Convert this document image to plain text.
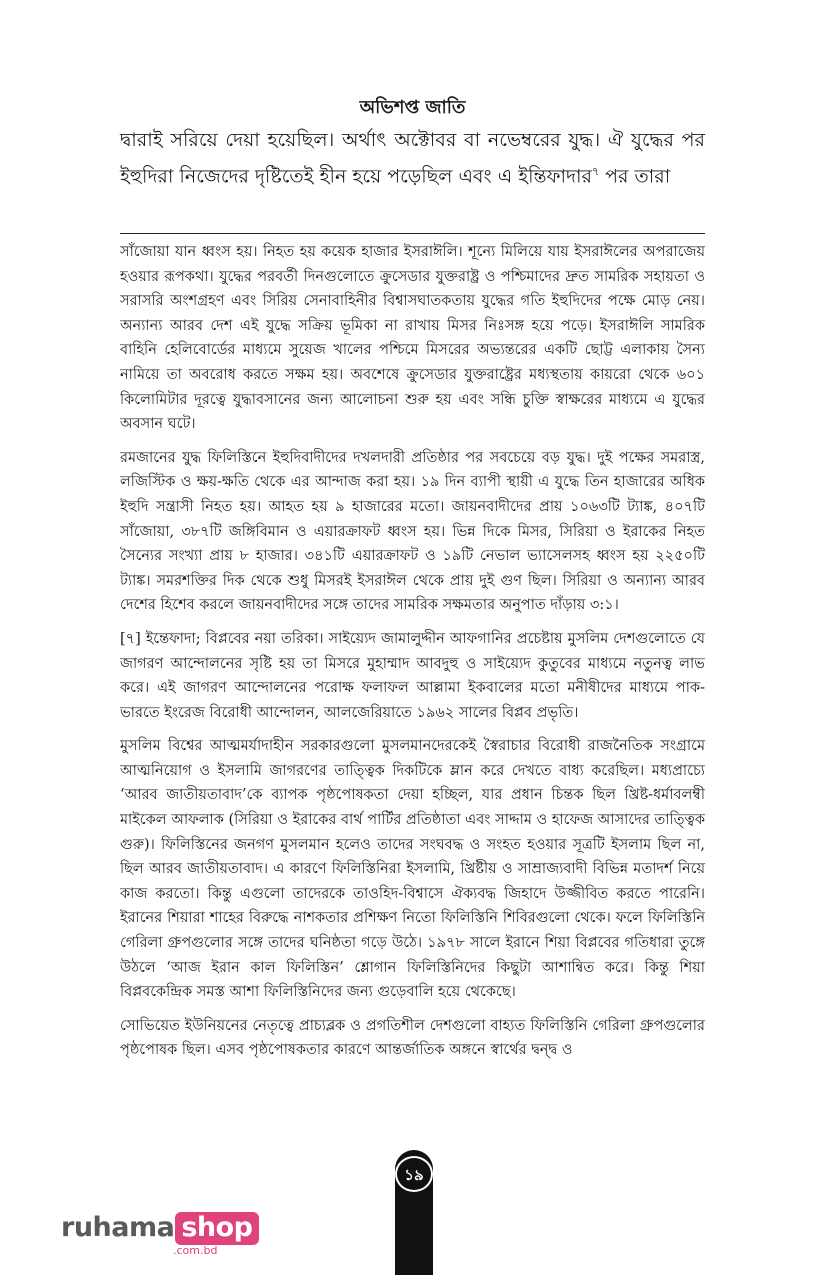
অভিশপ্ত জাতি
দ্বারাই সরিয়ে দেয়া হয়েছিল। অর্থাৎ অক্টোবর বা নভেম্বরের যুদ্ধ। ঐ যুদ্ধের পর ইহুদিরা নিজেদের দৃষ্টিতেই হীন হয়ে পড়েছিল এবং এ ইন্তিফাদার$^৭$ পর তারা

সাঁজোয়া যান ধ্বংস হয়। নিহত হয় কয়েক হাজার ইসরাঈলি। শূন্যে মিলিয়ে যায় ইসরাঈলের অপরাজেয় হওয়ার রূপকথা। যুদ্ধের পরবর্তী দিনগুলোতে ক্রুসেডার যুক্তরাষ্ট্র ও পশ্চিমাদের দ্রুত সামরিক সহায়তা ও সরাসরি অংশগ্রহণ এবং সিরিয় সেনাবাহিনীর বিশ্বাসঘাতকতায় যুদ্ধের গতি ইহুদিদের পক্ষে মোড় নেয়। অন্যান্য আরব দেশ এই যুদ্ধে সক্রিয় ভূমিকা না রাখায় মিসর নিঃসঙ্গ হয়ে পড়ে। ইসরাঈলি সামরিক বাহিনি হেলিবোর্ডের মাধ্যমে সুয়েজ খালের পশ্চিমে মিসরের অভ্যন্তরের একটি ছোট্ট এলাকায় সৈন্য নামিয়ে তা অবরোধ করতে সক্ষম হয়। অবশেষে ক্রুসেডার যুক্তরাষ্ট্রের মধ্যস্থতায় কায়রো থেকে ৬০১ কিলোমিটার দূরত্বে যুদ্ধাবসানের জন্য আলোচনা শুরু হয় এবং সন্ধি চুক্তি স্বাক্ষরের মাধ্যমে এ যুদ্ধের অবসান ঘটে।

রমজানের যুদ্ধ ফিলিস্তিনে ইহুদিবাদীদের দখলদারী প্রতিষ্ঠার পর সবচেয়ে বড় যুদ্ধ। দুই পক্ষের সমরাস্ত্র, লজিস্টিক ও ক্ষয়-ক্ষতি থেকে এর আন্দাজ করা হয়। ১৯ দিন ব্যাপী স্থায়ী এ যুদ্ধে তিন হাজারের অধিক ইহুদি সন্ত্রাসী নিহত হয়। আহত হয় ৯ হাজারের মতো। জায়নবাদীদের প্রায় ১০৬৩টি ট্যাঙ্ক, ৪০৭টি সাঁজোয়া, ৩৮৭টি জঙ্গিবিমান ও এয়ারক্রাফট ধ্বংস হয়। ভিন্ন দিকে মিসর, সিরিয়া ও ইরাকের নিহত সৈন্যের সংখ্যা প্রায় ৮ হাজার। ৩৪১টি এয়ারক্রাফট ও ১৯টি নেভাল ভ্যাসেলসহ ধ্বংস হয় ২২৫০টি ট্যাঙ্ক। সমরশক্তির দিক থেকে শুধু মিসরই ইসরাঈল থেকে প্রায় দুই গুণ ছিল। সিরিয়া ও অন্যান্য আরব দেশের হিশেব করলে জায়নবাদীদের সঙ্গে তাদের সামরিক সক্ষমতার অনুপাত দাঁড়ায় ৩:১।

[৭] ইন্তেফাদা; বিপ্লবের নয়া তরিকা। সাইয়্যেদ জামালুদ্দীন আফগানির প্রচেষ্টায় মুসলিম দেশগুলোতে যে জাগরণ আন্দোলনের সৃষ্টি হয় তা মিসরে মুহাম্মাদ আবদুহু ও সাইয়্যেদ কুতুবের মাধ্যমে নতুনত্ব লাভ করে। এই জাগরণ আন্দোলনের পরোক্ষ ফলাফল আল্লামা ইকবালের মতো মনীষীদের মাধ্যমে পাক-ভারতে ইংরেজ বিরোধী আন্দোলন, আলজেরিয়াতে ১৯৬২ সালের বিপ্লব প্রভৃতি।

মুসলিম বিশ্বের আত্মমর্যাদাহীন সরকারগুলো মুসলমানদেরকেই স্বৈরাচার বিরোধী রাজনৈতিক সংগ্রামে আত্মনিয়োগ ও ইসলামি জাগরণের তাত্ত্বিক দিকটিকে ম্লান করে দেখতে বাধ্য করেছিল। মধ্যপ্রাচ্যে ‘আরব জাতীয়তাবাদ’কে ব্যাপক পৃষ্ঠপোষকতা দেয়া হচ্ছিল, যার প্রধান চিন্তক ছিল খ্রিষ্ট-ধর্মাবলম্বী মাইকেল আফলাক (সিরিয়া ও ইরাকের বার্থ পার্টির প্রতিষ্ঠাতা এবং সাদ্দাম ও হাফেজ আসাদের তাত্ত্বিক গুরু)। ফিলিস্তিনের জনগণ মুসলমান হলেও তাদের সংঘবদ্ধ ও সংহত হওয়ার সূত্রটি ইসলাম ছিল না, ছিল আরব জাতীয়তাবাদ। এ কারণে ফিলিস্তিনিরা ইসলামি, খ্রিষ্টীয় ও সাম্রাজ্যবাদী বিভিন্ন মতাদর্শ নিয়ে কাজ করতো। কিন্তু এগুলো তাদেরকে তাওহিদ-বিশ্বাসে ঐক্যবদ্ধ জিহাদে উজ্জীবিত করতে পারেনি। ইরানের শিয়ারা শাহের বিরুদ্ধে নাশকতার প্রশিক্ষণ নিতো ফিলিস্তিনি শিবিরগুলো থেকে। ফলে ফিলিস্তিনি গেরিলা গ্রুপগুলোর সঙ্গে তাদের ঘনিষ্ঠতা গড়ে উঠে। ১৯৭৮ সালে ইরানে শিয়া বিপ্লবের গতিধারা তুঙ্গে উঠলে ‘আজ ইরান কাল ফিলিস্তিন’ শ্লোগান ফিলিস্তিনিদের কিছুটা আশান্বিত করে। কিন্তু শিয়া বিপ্লবকেন্দ্রিক সমস্ত আশা ফিলিস্তিনিদের জন্য গুড়েবালি হয়ে থেকেছে।

সোভিয়েত ইউনিয়নের নেতৃত্বে প্রাচ্যব্লক ও প্রগতিশীল দেশগুলো বাহ্যত ফিলিস্তিনি গেরিলা গ্রুপগুলোর পৃষ্ঠপোষক ছিল। এসব পৃষ্ঠপোষকতার কারণে আন্তর্জাতিক অঙ্গনে স্বার্থের দ্বন্দ্ব ও

১৯
ruhama shop
.com.bd
